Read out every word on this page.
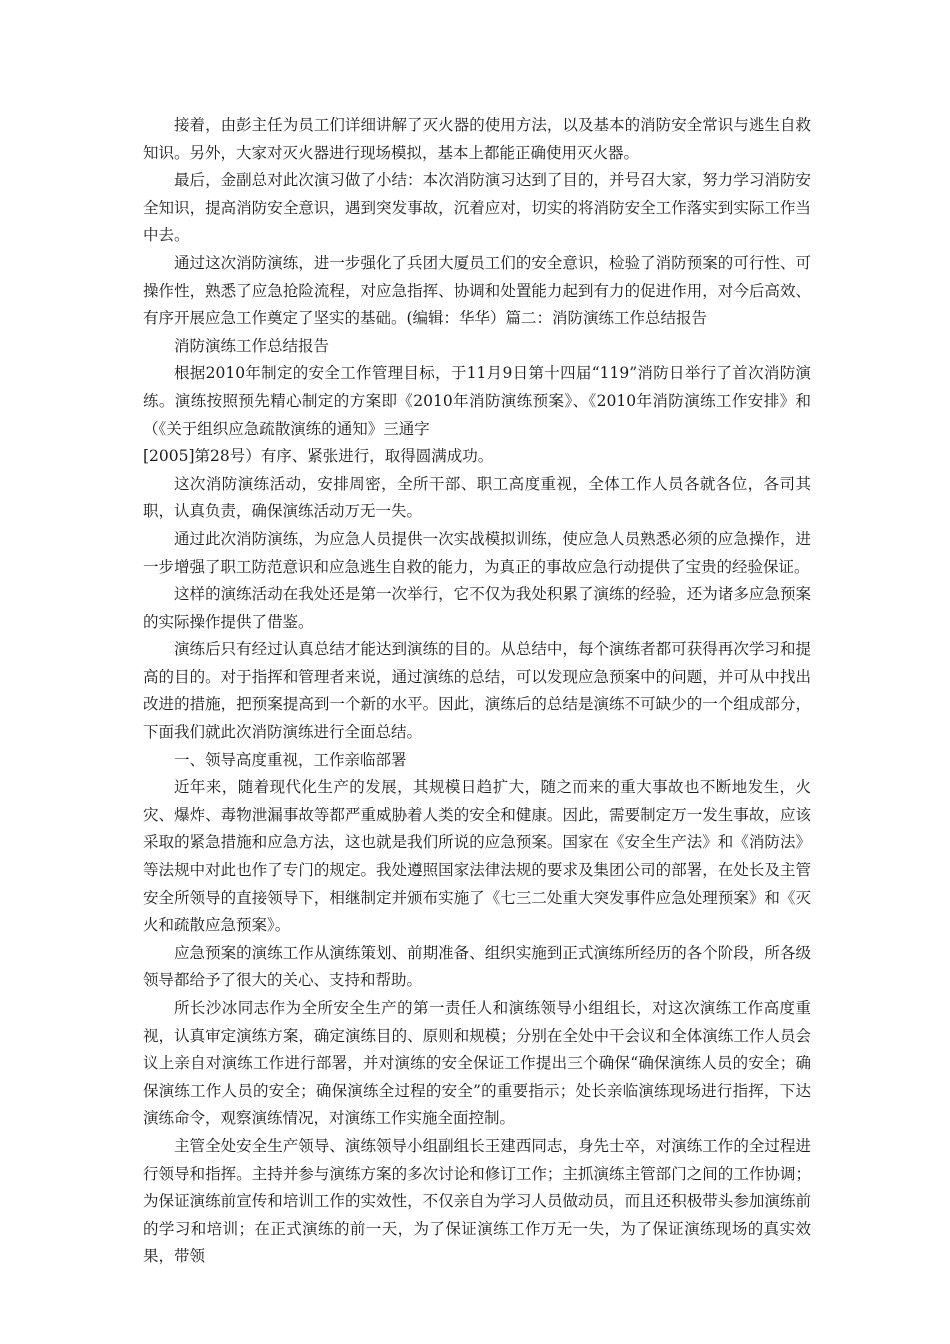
接着，由彭主任为员工们详细讲解了灭火器的使用方法，以及基本的消防安全常识与逃生自救知识。另外，大家对灭火器进行现场模拟，基本上都能正确使用灭火器。

最后，金副总对此次演习做了小结：本次消防演习达到了目的，并号召大家，努力学习消防安全知识，提高消防安全意识，遇到突发事故，沉着应对，切实的将消防安全工作落实到实际工作当中去。

通过这次消防演练，进一步强化了兵团大厦员工们的安全意识，检验了消防预案的可行性、可操作性，熟悉了应急抢险流程，对应急指挥、协调和处置能力起到有力的促进作用，对今后高效、有序开展应急工作奠定了坚实的基础。(编辑：华华）篇二：消防演练工作总结报告

消防演练工作总结报告

根据2010年制定的安全工作管理目标，于11月9日第十四届“119”消防日举行了首次消防演练。演练按照预先精心制定的方案即《2010年消防演练预案》、《2010年消防演练工作安排》和（《关于组织应急疏散演练的通知》三通字

[2005]第28号）有序、紧张进行，取得圆满成功。

这次消防演练活动，安排周密，全所干部、职工高度重视，全体工作人员各就各位，各司其职，认真负责，确保演练活动万无一失。

通过此次消防演练，为应急人员提供一次实战模拟训练，使应急人员熟悉必须的应急操作，进一步增强了职工防范意识和应急逃生自救的能力，为真正的事故应急行动提供了宝贵的经验保证。

这样的演练活动在我处还是第一次举行，它不仅为我处积累了演练的经验，还为诸多应急预案的实际操作提供了借鉴。

演练后只有经过认真总结才能达到演练的目的。从总结中，每个演练者都可获得再次学习和提高的目的。对于指挥和管理者来说，通过演练的总结，可以发现应急预案中的问题，并可从中找出改进的措施，把预案提高到一个新的水平。因此，演练后的总结是演练不可缺少的一个组成部分，下面我们就此次消防演练进行全面总结。

一、领导高度重视，工作亲临部署

近年来，随着现代化生产的发展，其规模日趋扩大，随之而来的重大事故也不断地发生，火灾、爆炸、毒物泄漏事故等都严重威胁着人类的安全和健康。因此，需要制定万一发生事故，应该采取的紧急措施和应急方法，这也就是我们所说的应急预案。国家在《安全生产法》和《消防法》等法规中对此也作了专门的规定。我处遵照国家法律法规的要求及集团公司的部署，在处长及主管安全所领导的直接领导下，相继制定并颁布实施了《七三二处重大突发事件应急处理预案》和《灭火和疏散应急预案》。

应急预案的演练工作从演练策划、前期准备、组织实施到正式演练所经历的各个阶段，所各级领导都给予了很大的关心、支持和帮助。

所长沙冰同志作为全所安全生产的第一责任人和演练领导小组组长，对这次演练工作高度重视，认真审定演练方案，确定演练目的、原则和规模；分别在全处中干会议和全体演练工作人员会议上亲自对演练工作进行部署，并对演练的安全保证工作提出三个确保“确保演练人员的安全；确保演练工作人员的安全；确保演练全过程的安全”的重要指示；处长亲临演练现场进行指挥，下达演练命令，观察演练情况，对演练工作实施全面控制。

主管全处安全生产领导、演练领导小组副组长王建西同志，身先士卒，对演练工作的全过程进行领导和指挥。主持并参与演练方案的多次讨论和修订工作；主抓演练主管部门之间的工作协调；为保证演练前宣传和培训工作的实效性，不仅亲自为学习人员做动员，而且还积极带头参加演练前的学习和培训；在正式演练的前一天，为了保证演练工作万无一失，为了保证演练现场的真实效果，带领
